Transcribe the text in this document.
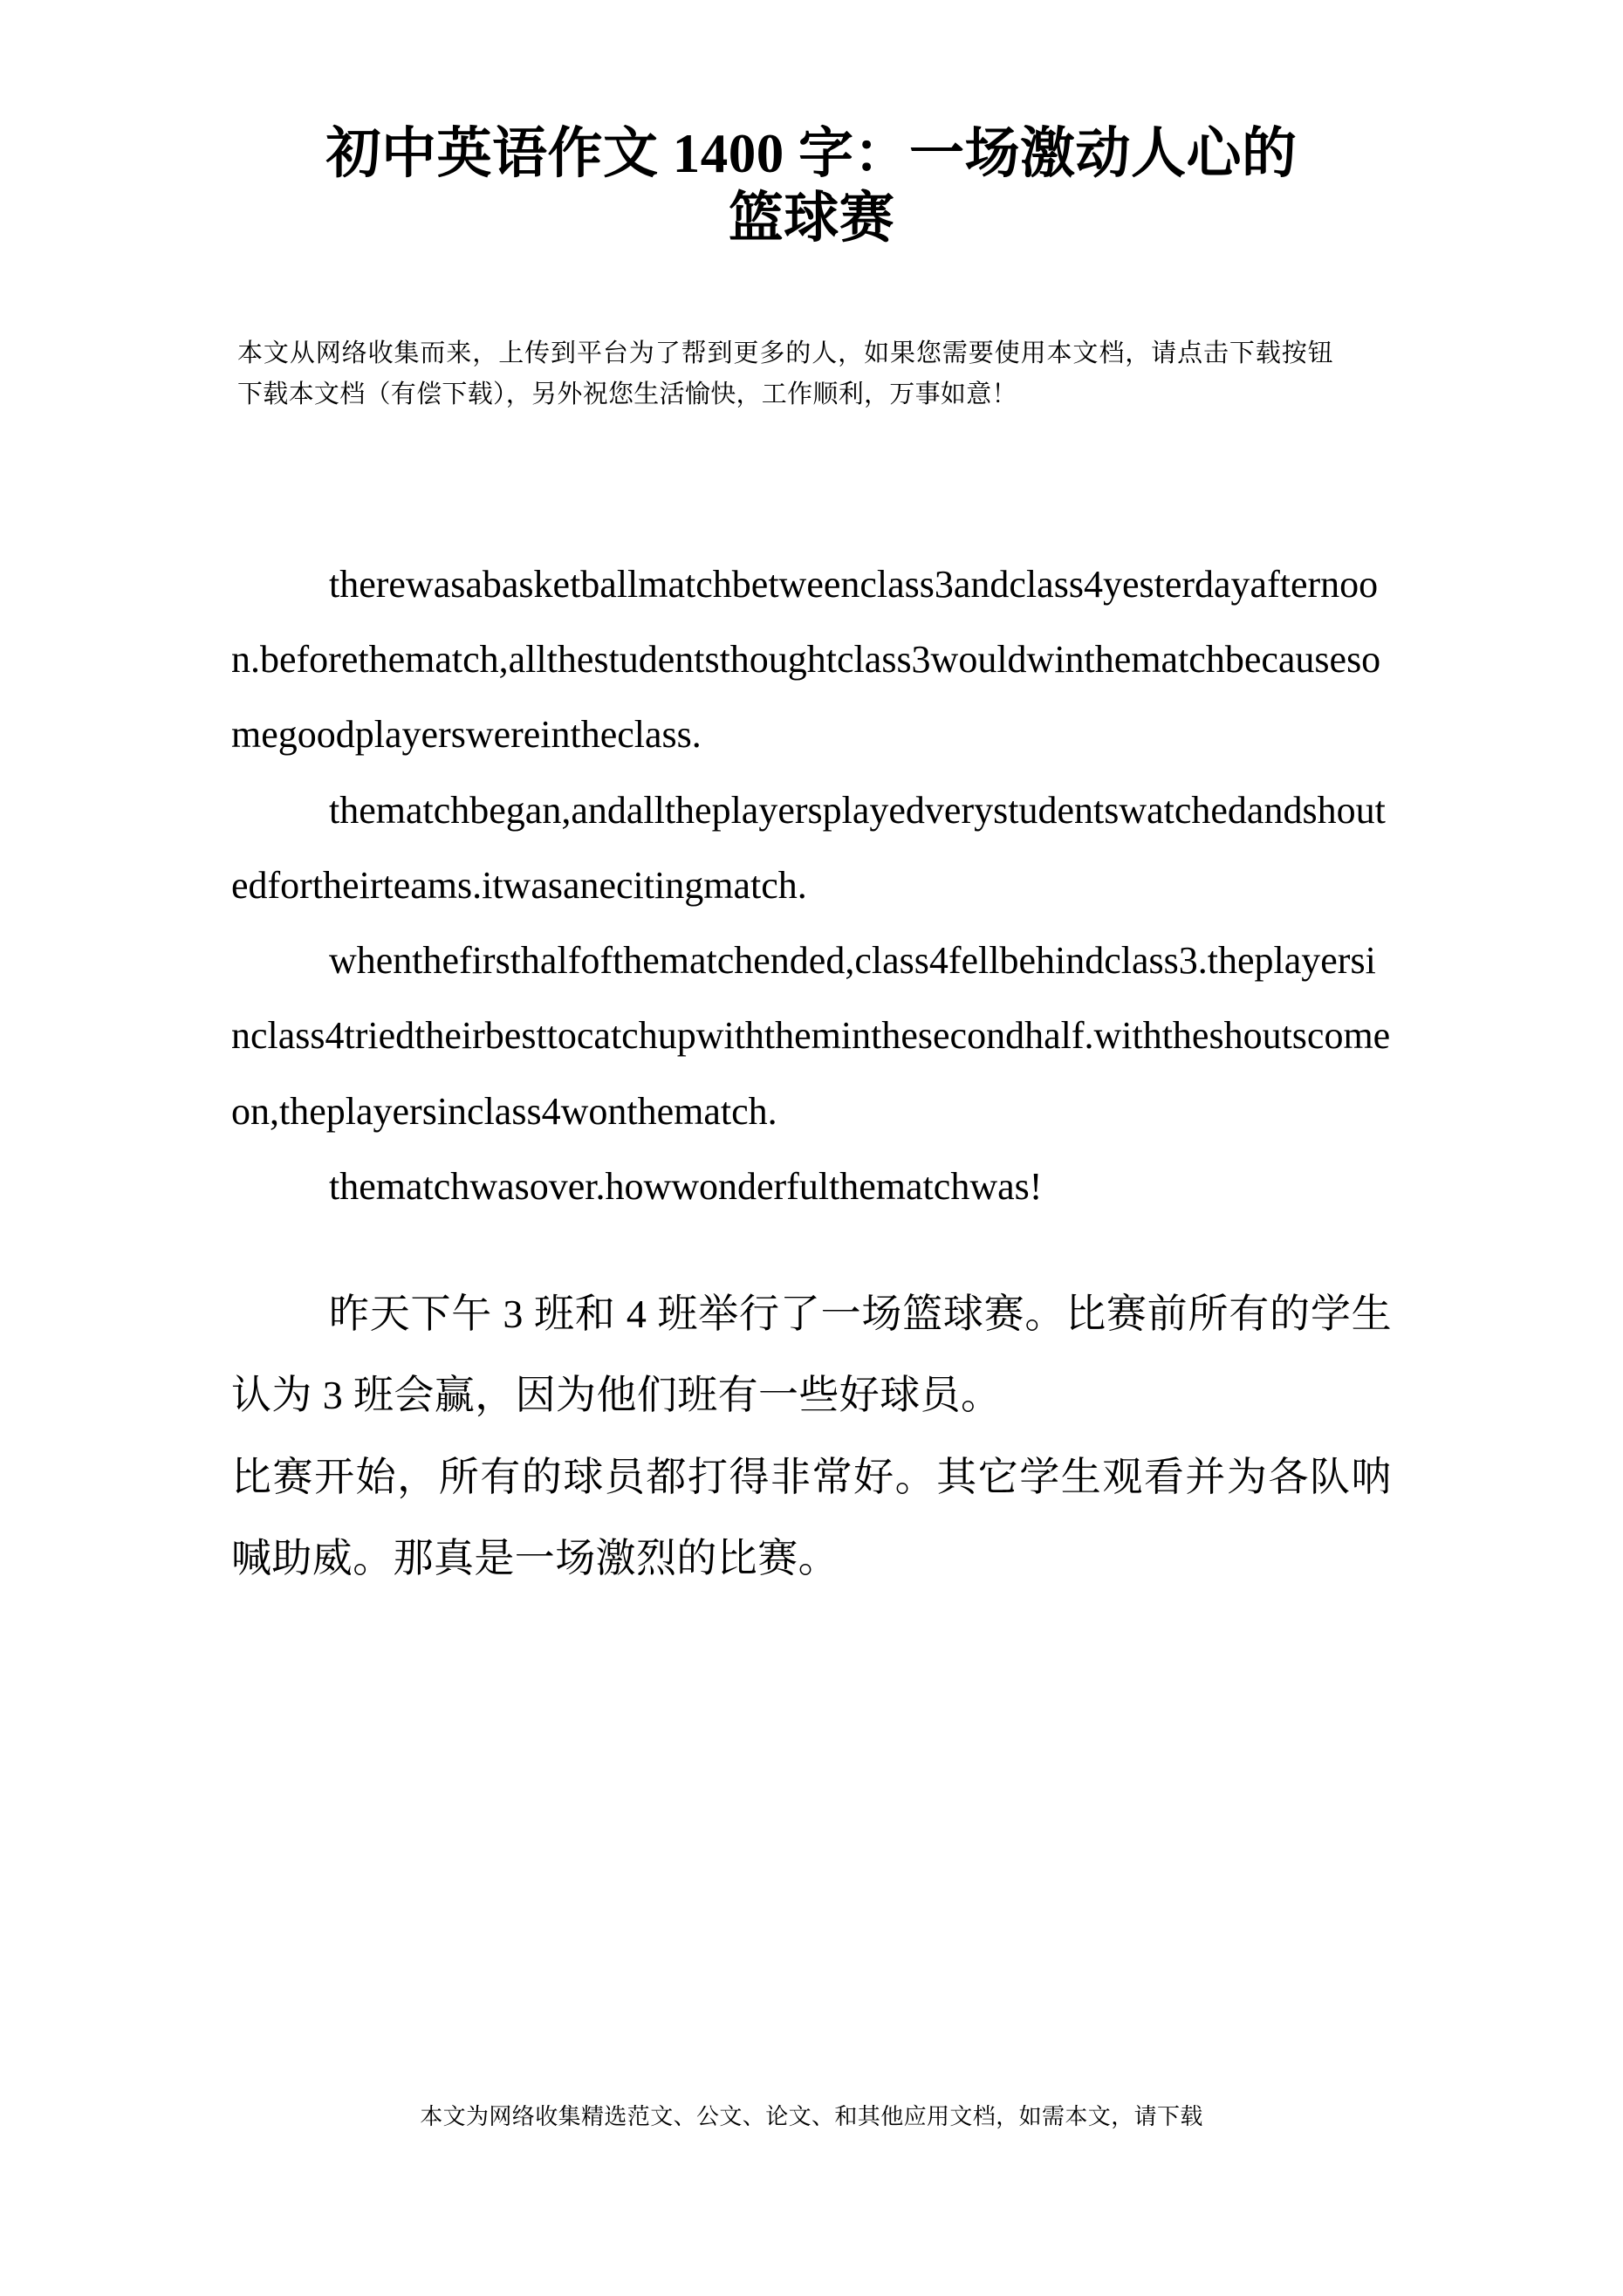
初中英语作文 1400 字：一场激动人心的
篮球赛
本文从网络收集而来，上传到平台为了帮到更多的人，如果您需要使用本文档，请点击下载按钮下载本文档（有偿下载），另外祝您生活愉快，工作顺利，万事如意！

therewasabasketballmatchbetweenclass3andclass4yesterdayafternoon.beforethematch,allthestudentsthoughtclass3wouldwinthematchbecausesomegoodplayerswereintheclass.

thematchbegan,andalltheplayersplayedverystudentswatchedandshoutedfortheirteams.itwasanecitingmatch.

whenthefirsthalfofthematchended,class4fellbehindclass3.theplayersinclass4triedtheirbesttocatchupwiththeminthesecondhalf.withtheshoutscomeon,theplayersinclass4wonthematch.

thematchwasover.howwonderfulthematchwas!

昨天下午 3 班和 4 班举行了一场篮球赛。比赛前所有的学生认为 3 班会赢，因为他们班有一些好球员。

比赛开始，所有的球员都打得非常好。其它学生观看并为各队呐喊助威。那真是一场激烈的比赛。

本文为网络收集精选范文、公文、论文、和其他应用文档，如需本文，请下载
